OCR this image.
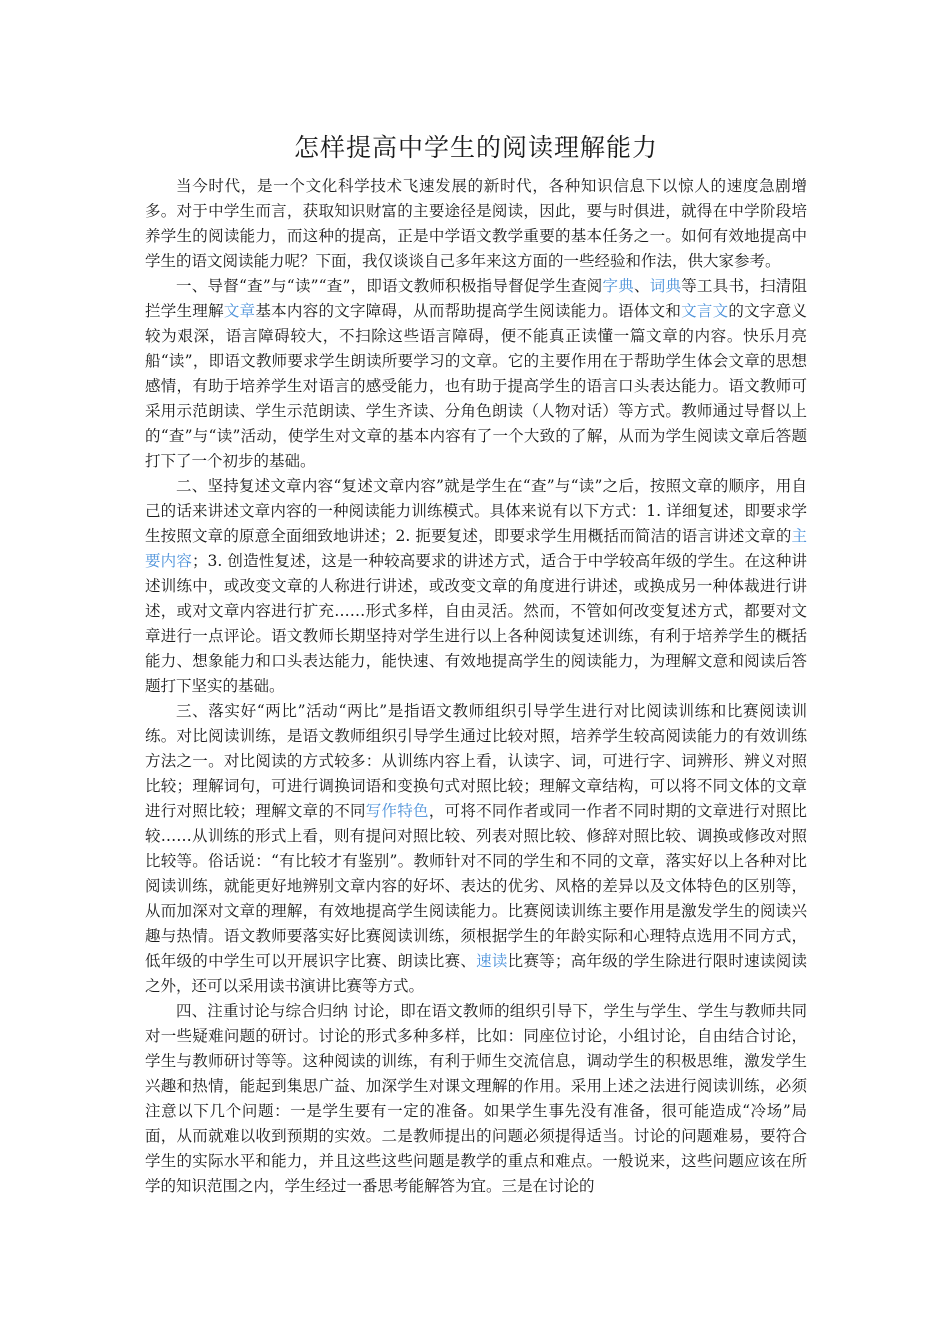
怎样提高中学生的阅读理解能力

当今时代，是一个文化科学技术飞速发展的新时代，各种知识信息下以惊人的速度急剧增多。对于中学生而言，获取知识财富的主要途径是阅读，因此，要与时俱进，就得在中学阶段培养学生的阅读能力，而这种的提高，正是中学语文教学重要的基本任务之一。如何有效地提高中学生的语文阅读能力呢？下面，我仅谈谈自己多年来这方面的一些经验和作法，供大家参考。

一、导督“查”与“读”“查”，即语文教师积极指导督促学生查阅字典、词典等工具书，扫清阻拦学生理解文章基本内容的文字障碍，从而帮助提高学生阅读能力。语体文和文言文的文字意义较为艰深，语言障碍较大，不扫除这些语言障碍，便不能真正读懂一篇文章的内容。快乐月亮船“读”，即语文教师要求学生朗读所要学习的文章。它的主要作用在于帮助学生体会文章的思想感情，有助于培养学生对语言的感受能力，也有助于提高学生的语言口头表达能力。语文教师可采用示范朗读、学生示范朗读、学生齐读、分角色朗读（人物对话）等方式。教师通过导督以上的“查”与“读”活动，使学生对文章的基本内容有了一个大致的了解，从而为学生阅读文章后答题打下了一个初步的基础。

二、坚持复述文章内容“复述文章内容”就是学生在“查”与“读”之后，按照文章的顺序，用自己的话来讲述文章内容的一种阅读能力训练模式。具体来说有以下方式：1. 详细复述，即要求学生按照文章的原意全面细致地讲述；2. 扼要复述，即要求学生用概括而简洁的语言讲述文章的主要内容；3. 创造性复述，这是一种较高要求的讲述方式，适合于中学较高年级的学生。在这种讲述训练中，或改变文章的人称进行讲述，或改变文章的角度进行讲述，或换成另一种体裁进行讲述，或对文章内容进行扩充……形式多样，自由灵活。然而，不管如何改变复述方式，都要对文章进行一点评论。语文教师长期坚持对学生进行以上各种阅读复述训练，有利于培养学生的概括能力、想象能力和口头表达能力，能快速、有效地提高学生的阅读能力，为理解文意和阅读后答题打下坚实的基础。

三、落实好“两比”活动“两比”是指语文教师组织引导学生进行对比阅读训练和比赛阅读训练。对比阅读训练，是语文教师组织引导学生通过比较对照，培养学生较高阅读能力的有效训练方法之一。对比阅读的方式较多：从训练内容上看，认读字、词，可进行字、词辨形、辨义对照比较；理解词句，可进行调换词语和变换句式对照比较；理解文章结构，可以将不同文体的文章进行对照比较；理解文章的不同写作特色，可将不同作者或同一作者不同时期的文章进行对照比较……从训练的形式上看，则有提问对照比较、列表对照比较、修辞对照比较、调换或修改对照比较等。俗话说：“有比较才有鉴别”。教师针对不同的学生和不同的文章，落实好以上各种对比阅读训练，就能更好地辨别文章内容的好坏、表达的优劣、风格的差异以及文体特色的区别等，从而加深对文章的理解，有效地提高学生阅读能力。比赛阅读训练主要作用是激发学生的阅读兴趣与热情。语文教师要落实好比赛阅读训练，须根据学生的年龄实际和心理特点选用不同方式，低年级的中学生可以开展识字比赛、朗读比赛、速读比赛等；高年级的学生除进行限时速读阅读之外，还可以采用读书演讲比赛等方式。

四、注重讨论与综合归纳 讨论，即在语文教师的组织引导下，学生与学生、学生与教师共同对一些疑难问题的研讨。讨论的形式多种多样，比如：同座位讨论，小组讨论，自由结合讨论，学生与教师研讨等等。这种阅读的训练，有利于师生交流信息，调动学生的积极思维，激发学生兴趣和热情，能起到集思广益、加深学生对课文理解的作用。采用上述之法进行阅读训练，必须注意以下几个问题：一是学生要有一定的准备。如果学生事先没有准备，很可能造成“冷场”局面，从而就难以收到预期的实效。二是教师提出的问题必须提得适当。讨论的问题难易，要符合学生的实际水平和能力，并且这些这些问题是教学的重点和难点。一般说来，这些问题应该在所学的知识范围之内，学生经过一番思考能解答为宜。三是在讨论的
